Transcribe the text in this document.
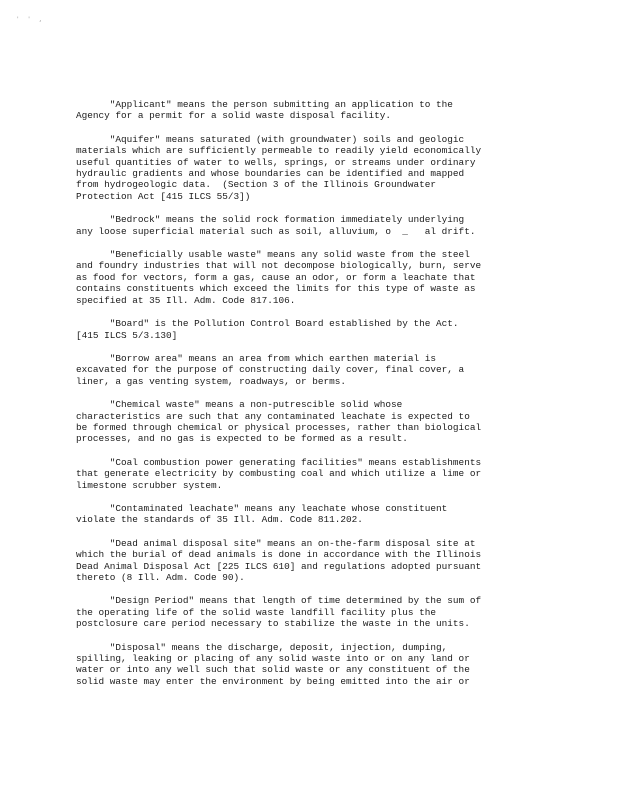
' ' ,
"Applicant" means the person submitting an application to the
Agency for a permit for a solid waste disposal facility.
"Aquifer" means saturated (with groundwater) soils and geologic
materials which are sufficiently permeable to readily yield economically
useful quantities of water to wells, springs, or streams under ordinary
hydraulic gradients and whose boundaries can be identified and mapped
from hydrogeologic data.  (Section 3 of the Illinois Groundwater
Protection Act [415 ILCS 55/3])
"Bedrock" means the solid rock formation immediately underlying
any loose superficial material such as soil, alluvium, o  _   al drift.
"Beneficially usable waste" means any solid waste from the steel
and foundry industries that will not decompose biologically, burn, serve
as food for vectors, form a gas, cause an odor, or form a leachate that
contains constituents which exceed the limits for this type of waste as
specified at 35 Ill. Adm. Code 817.106.
"Board" is the Pollution Control Board established by the Act.
[415 ILCS 5/3.130]
"Borrow area" means an area from which earthen material is
excavated for the purpose of constructing daily cover, final cover, a
liner, a gas venting system, roadways, or berms.
"Chemical waste" means a non-putrescible solid whose
characteristics are such that any contaminated leachate is expected to
be formed through chemical or physical processes, rather than biological
processes, and no gas is expected to be formed as a result.
"Coal combustion power generating facilities" means establishments
that generate electricity by combusting coal and which utilize a lime or
limestone scrubber system.
"Contaminated leachate" means any leachate whose constituent
violate the standards of 35 Ill. Adm. Code 811.202.
"Dead animal disposal site" means an on-the-farm disposal site at
which the burial of dead animals is done in accordance with the Illinois
Dead Animal Disposal Act [225 ILCS 610] and regulations adopted pursuant
thereto (8 Ill. Adm. Code 90).
"Design Period" means that length of time determined by the sum of
the operating life of the solid waste landfill facility plus the
postclosure care period necessary to stabilize the waste in the units.
"Disposal" means the discharge, deposit, injection, dumping,
spilling, leaking or placing of any solid waste into or on any land or
water or into any well such that solid waste or any constituent of the
solid waste may enter the environment by being emitted into the air or
